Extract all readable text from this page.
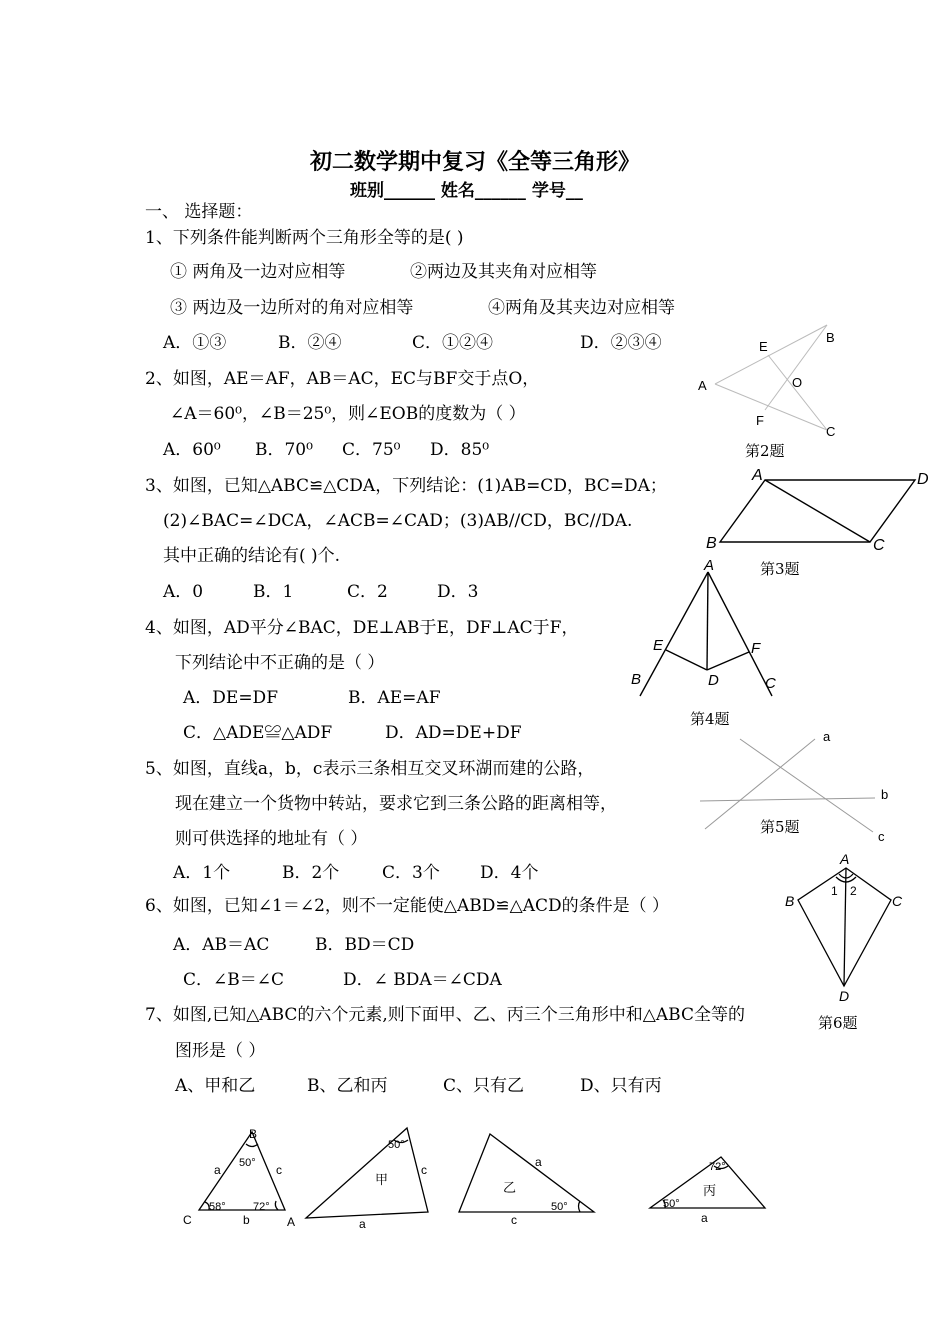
初二数学期中复习《全等三角形》
班别______ 姓名______ 学号__
一、 选择题：
1、下列条件能判断两个三角形全等的是( )
① 两角及一边对应相等	②两边及其夹角对应相等
③ 两边及一边所对的角对应相等	④两角及其夹边对应相等
A．①③	B．②④	C．①②④	D．②③④
2、如图，AE＝AF，AB＝AC，EC与BF交于点O，
∠A＝60⁰，∠B＝25⁰，则∠EOB的度数为（ ）
A．60⁰ B．70⁰ C．75⁰ D．85⁰
3、如图，已知△ABC≌△CDA，下列结论：(1)AB=CD，BC=DA；
(2)∠BAC=∠DCA，∠ACB=∠CAD；(3)AB//CD，BC//DA.
其中正确的结论有( )个.
A．0	B．1	C．2	D．3
4、如图，AD平分∠BAC，DE⊥AB于E，DF⊥AC于F，
下列结论中不正确的是（ ）
A．DE=DF	B．AE=AF
C．△ADE≌△ADF	D．AD=DE+DF
5、如图，直线a，b，c表示三条相互交叉环湖而建的公路，
现在建立一个货物中转站，要求它到三条公路的距离相等，
则可供选择的地址有（ ）
A．1个	B．2个	C．3个 D．4个
6、如图，已知∠1＝∠2，则不一定能使△ABD≌△ACD的条件是（ ）
A．AB＝AC	B．BD＝CD
C．∠B＝∠C	D．∠ BDA＝∠CDA
7、如图,已知△ABC的六个元素,则下面甲、乙、丙三个三角形中和△ABC全等的
图形是（ ）
A、甲和乙	B、乙和丙	C、只有乙	D、只有丙
A
B
C
E
F
O
第2题
A	D
B	C
第3题
A
E	F
B	D	C
第4题
a
b
c
第5题
A
B	C
D
1 2
第6题
B
C	A
a	c
b
50°
58° 72°
50°
甲
c
a
乙
a
50°
c
72°
丙
50°
a
